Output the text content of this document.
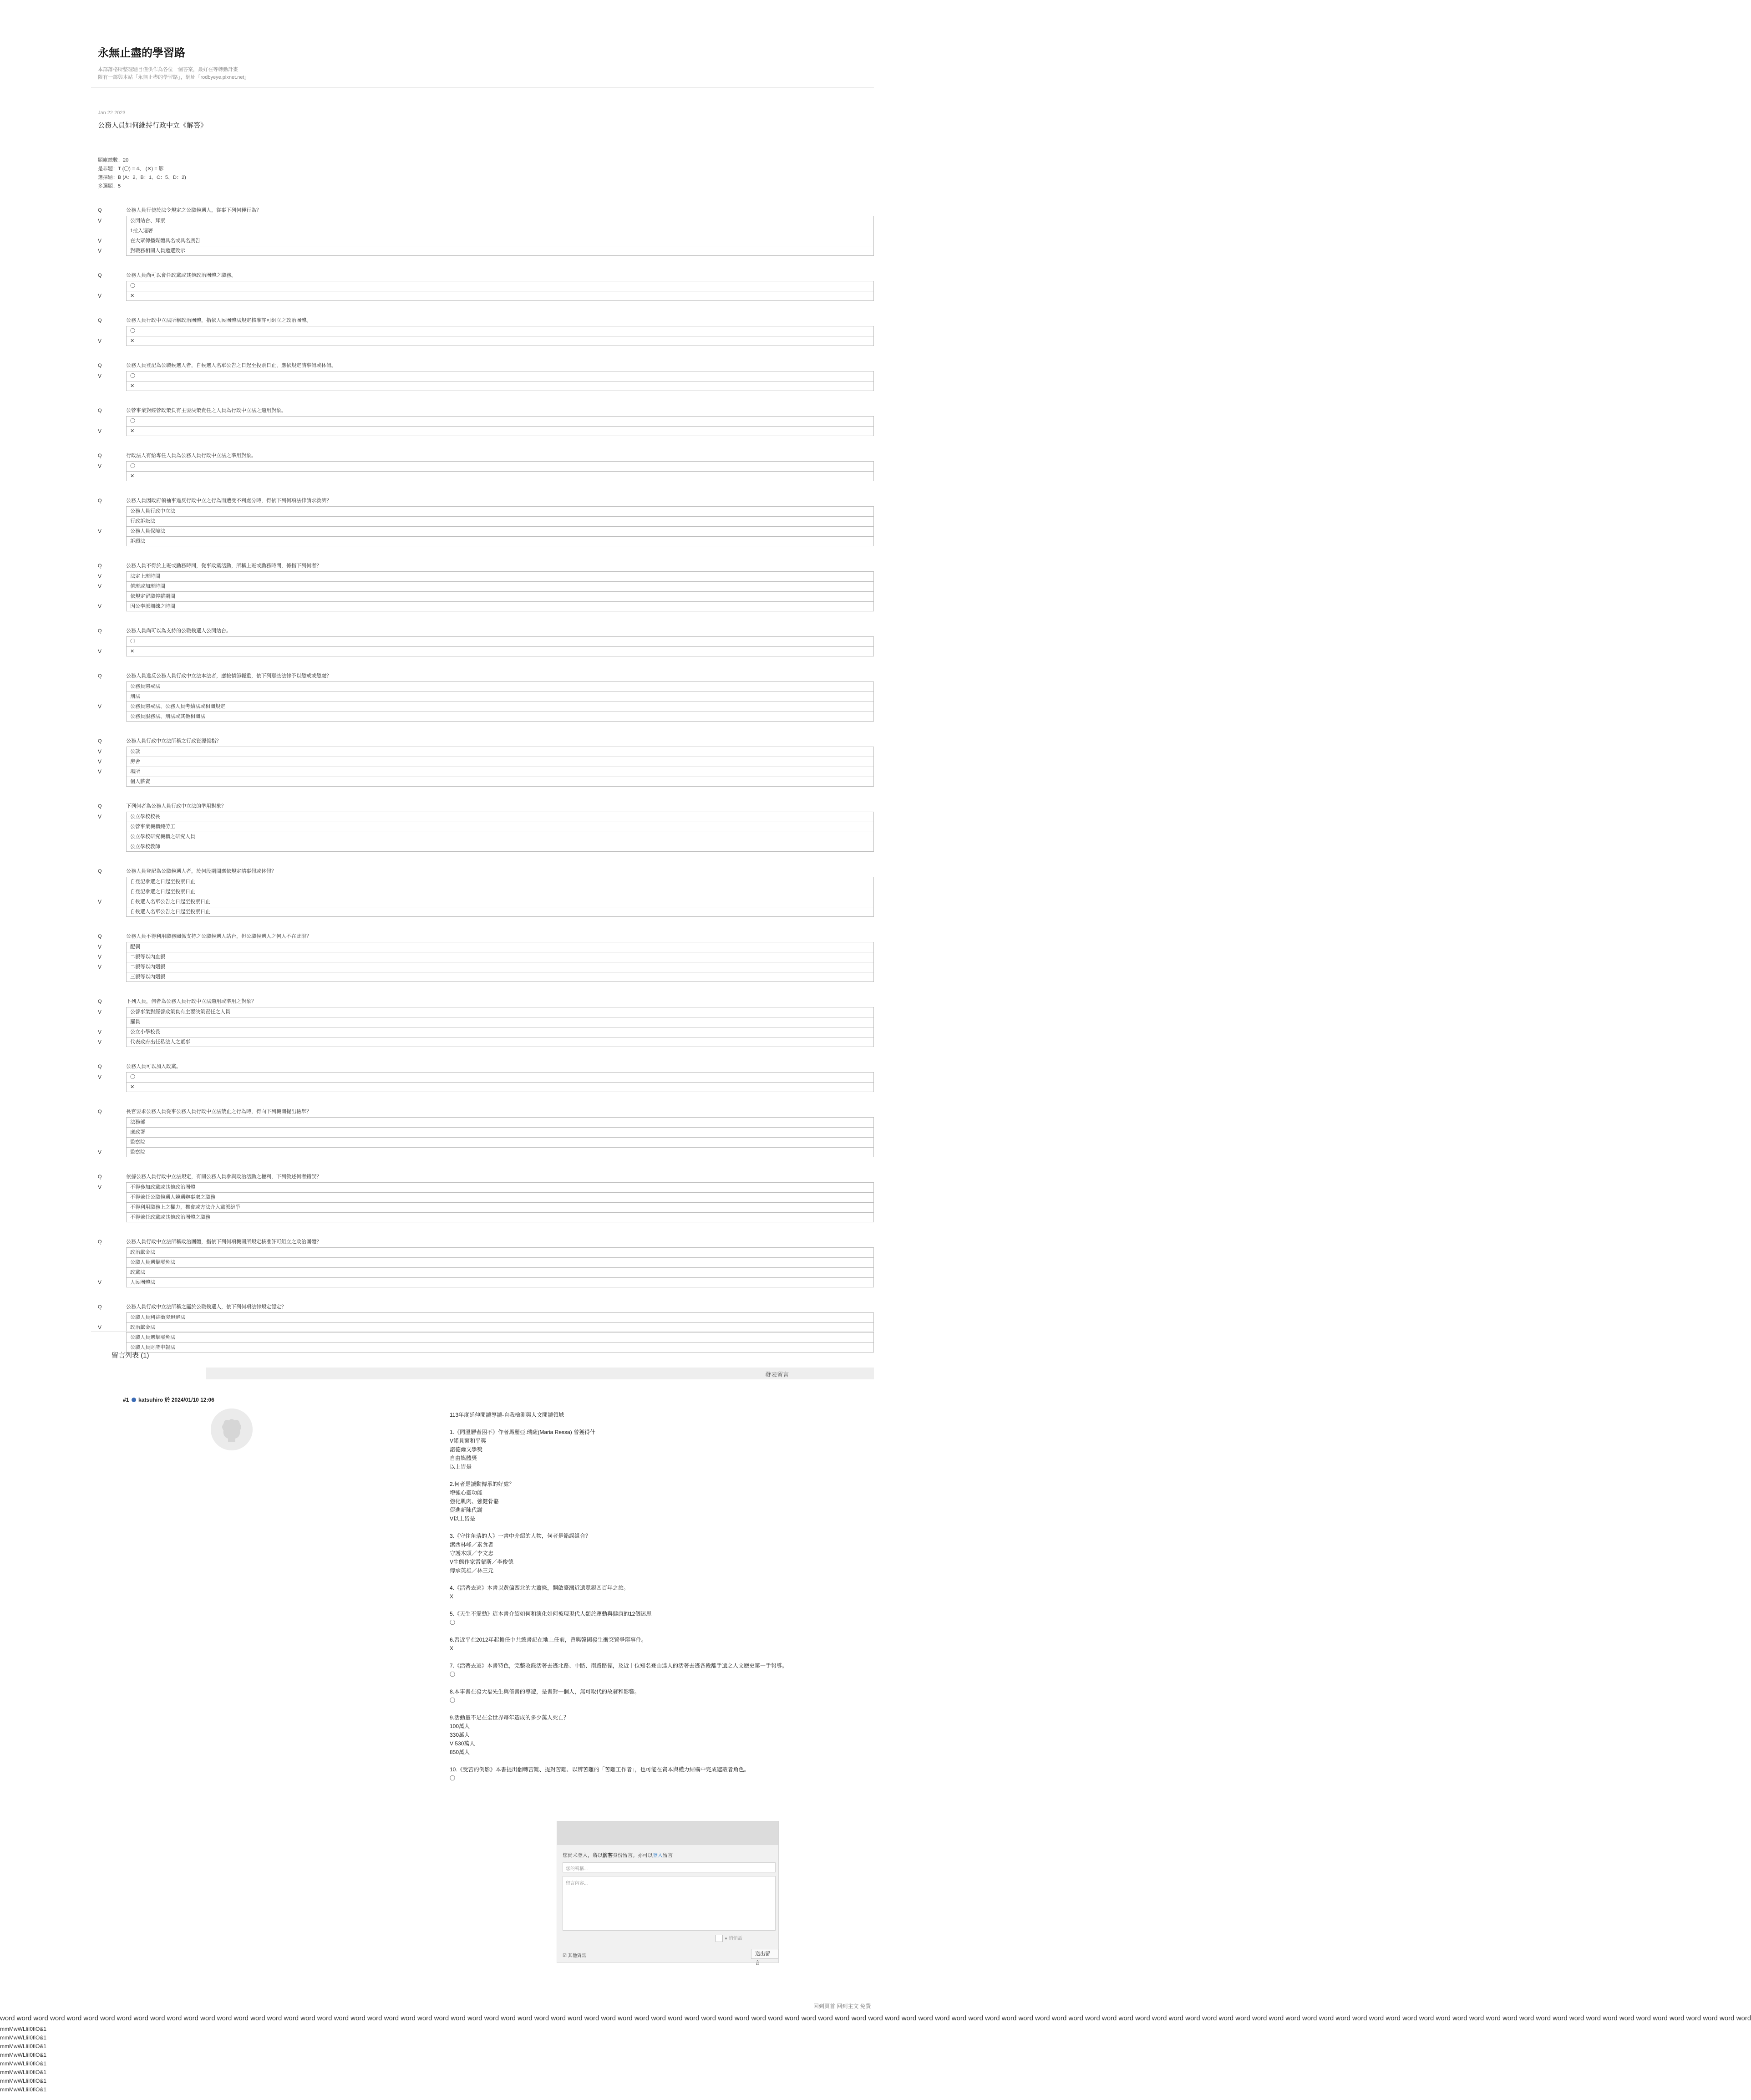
永無止盡的學習路
本部落格所整理題目僅供作為各位一個答案，最好在等轉動計畫
限有一部與本站「永無止盡的學習路」，網址「rodbyeye.pixnet.net」
Jan 22 2023
公務人員如何維持行政中立《解答》
題庫總數：20
是非題：T (〇) = 4、 (✕) = 影
選擇題：B (A：2、B：1、C：5、D：2)
多選題：5
Q	公務人員行使於法令規定之公職候選人，從事下列何種行為？
V	公開站台、拜票
1拉入連署
V	在大眾傳播媒體具名或具名廣告
V	對職務相關人員邀選致示
Q	公務人員尚可以會任政黨或其他政治團體之職務。
〇
V	✕
Q	公務人員行政中立法所稱政治團體，指依人民團體法規定核准許可組立之政治團體。
〇
V	✕
Q	公務人員登記為公職候選人者，自候選人名單公告之日起至投票日止，應依規定請事假或休假。
V	〇
✕
Q	公營事業對經營政策負有主要決策責任之人員為行政中立法之適用對象。
〇
V	✕
Q	行政法人有給專任人員為公務人員行政中立法之準用對象。
V	〇
✕
Q	公務人員因政府領袖事違反行政中立之行為而遭受不利處分時，得依下列何項法律請求救濟？
公務人員行政中立法
行政訴訟法
V	公務人員保障法
訴願法
Q	公務人員不得於上班或勤務時間，從事政黨活動，所稱上班或勤務時間，係指下列何者？
V	法定上班時間
V	值班或加班時間
依規定留職停薪期間
V	因公奉派訓練之時間
Q	公務人員尚可以為支持的公職候選人公開站台。
〇
V	✕
Q	公務人員違反公務人員行政中立法本法者，應按情節輕重，依下列那些法律予以懲戒或懲處？
公務員懲戒法
刑法
V	公務員懲戒法、公務人員考績法或相關規定
公務員服務法、刑法或其他相關法
Q	公務人員行政中立法所稱之行政資源係指？
V	公款
V	房舍
V	場所
個人薪資
Q	下列何者為公務人員行政中立法的準用對象？
V	公立學校校長
公營事業機構純勞工
公立學校研究機構之研究人員
公立學校教師
Q	公務人員登記為公職候選人者，於何段期間應依規定請事假或休假？
自登記參選之日起至投票日止
自登記參選之日起至投票日止
V	自候選人名單公告之日起至投票日止
自候選人名單公告之日起至投票日止
Q	公務人員不得利用職務關係支持之公職候選人站台，但公職候選人之何人不在此限？
V	配偶
V	二親等以內血親
V	二親等以內姻親
三親等以內姻親
Q	下列人員，何者為公務人員行政中立法適用或準用之對象？
V	公營事業對經營政策負有主要決策責任之人員
羅員
V	公立小學校長
V	代表政府出任私法人之董事
Q	公務人員可以加入政黨。
V	〇
✕
Q	長官要求公務人員從事公務人員行政中立法禁止之行為時，得向下列機關提出檢舉？
法務部
廉政署
監察院
V	監察院
Q	依據公務人員行政中立法規定，有關公務人員參與政治活動之權利，下列敘述何者錯誤？
V	不得參加政黨或其他政治團體
不得兼任公職候選人競選辦事處之職務
不得利用職務上之權力，機會或方法介入黨派紛爭
不得兼任政黨或其他政治團體之職務
Q	公務人員行政中立法所稱政治團體，指依下列何項機關所規定核准許可組立之政治團體？
政治獻金法
公職人員選舉罷免法
政黨法
V	人民團體法
Q	公務人員行政中立法所稱之屬於公職候選人，依下列何項法律規定認定？
公職人員利益衝突迴避法
V	政治獻金法
公職人員選舉罷免法
公職人員財產申報法
留言列表 (1)
發表留言
#1 katsuhiro 於 2024/01/10 12:06

113年度延伸閱讀導讀-自我檢測與人文閱讀領域

1.《同溫層者困不》作者馬麗亞.瑞薩(Maria Ressa) 曾獲得什
V諾貝爾和平獎
諾德爾文學獎
自由媒體獎
以上皆是

2.何者是讀動傳承的好處？
增強心靈功能
強化肌肉、強健骨骼
促進新陳代謝
V以上皆是

3.《守住角落的人》一書中介紹的人物，何者是錯誤組合？
潔西林峰／素食者
守護木頭／李文忠
V生態作家雷蒙斯／李俊德
傳承英雄／林三元

4.《活著去逃》本書以黃偏西北的大蕭條，開啟臺灣近遺眾親四百年之旅。
X

5.《天生不愛動》這本書介紹如何和演化如何被現現代人類於運動與健康的12個迷思
〇

6.習近平在2012年起擔任中共總書記在地上任前，曾與韓國發生衝突貿爭辯事件。
X

7.《活著去逃》本書特色，完整收錄活著去逃北路、中路、南路路徑，及近十位知名登山達人的活著去逃各段離手遺之人文歷史第一手報導。
〇

8.本事書在發大福先生與倍書的導遊，是書對一個人，無可取代的故發和影響。
〇

9.活動量不足在全世界每年造成的多少萬人死亡？
100萬人
330萬人
V 530萬人
850萬人

10.《受苦的倒影》本書提出翻轉苦難、提對苦難、以辨苦難的「苦難工作者」，也可能在資本與權力結構中完成遮蔽者角色。
〇

您尚未登入，將以訪客身份留言。亦可以登入留言
您的稱稱...
留言內容...
● 悄悄話
☑ 其他資訊	送出留言
回到頁首 回到主文 免費
word word word word word word word word word word word word word word word word word word word word word word word word word word word word word word word word word word word word word word word word word word word word word word word word word word word word word word word word word word word word word word word word word word word word word word word word word word word word word word word word word word word word word word word word word word word word word word word word word word word word word word word word word
mmMwWLliI0fiO&1
mmMwWLliI0fiO&1
mmMwWLliI0fiO&1
mmMwWLliI0fiO&1
mmMwWLliI0fiO&1
mmMwWLliI0fiO&1
mmMwWLliI0fiO&1
mmMwWLliI0fiO&1
